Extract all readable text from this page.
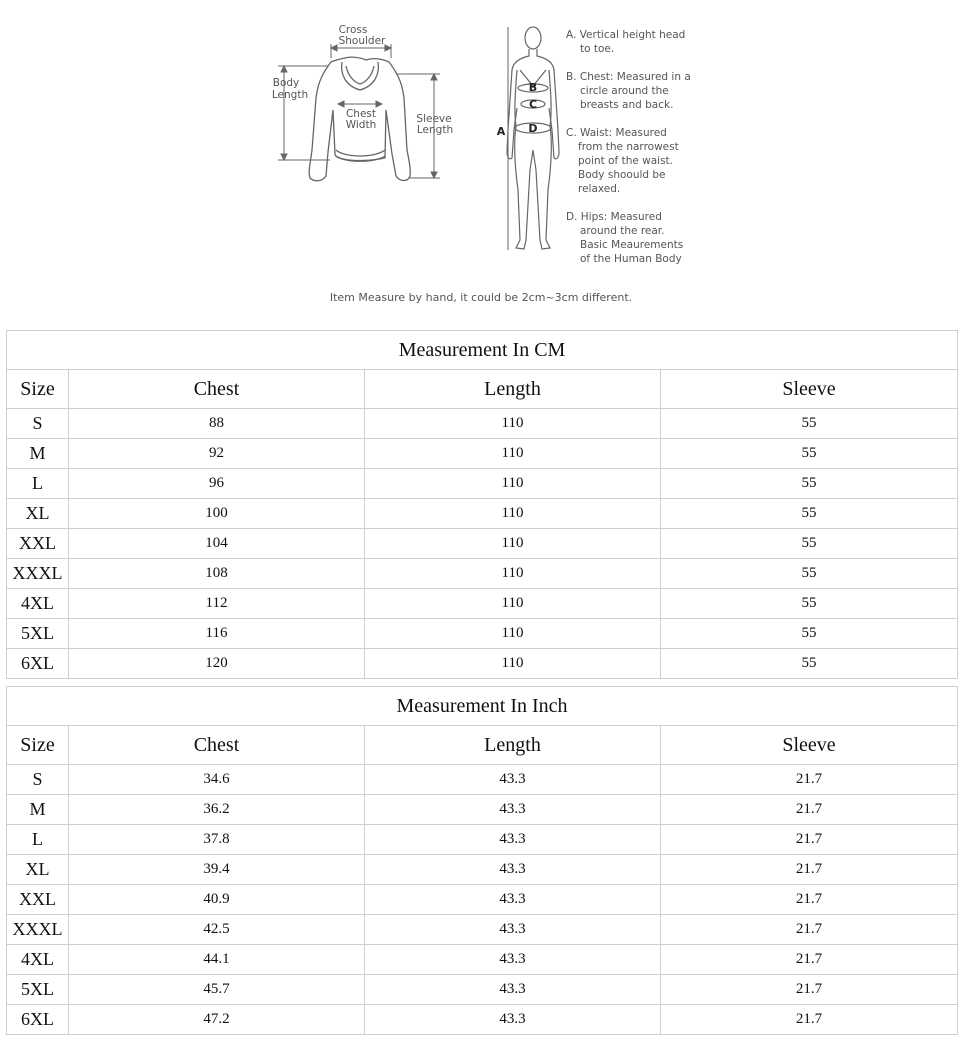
Cross
Shoulder
Body
Length
Chest
Width	Sleeve
Length	A
B
C
D
A. Vertical height head
to toe.
B. Chest: Measured in a
circle around the
breasts and back.
C. Waist: Measured
from the narrowest
point of the waist.
Body shoould be
relaxed.
D. Hips: Measured
around the rear.
Basic Meaurements
of the Human Body
Item Measure by hand, it could be 2cm~3cm different.
Measurement In CM			
Size	Chest	Length	Sleeve
S	88	110	55
M	92	110	55
L	96	110	55
XL	100	110	55
XXL	104	110	55
XXXL	108	110	55
4XL	112	110	55
5XL	116	110	55
6XL	120	110	55
Measurement In Inch			
Size	Chest	Length	Sleeve
S	34.6	43.3	21.7
M	36.2	43.3	21.7
L	37.8	43.3	21.7
XL	39.4	43.3	21.7
XXL	40.9	43.3	21.7
XXXL	42.5	43.3	21.7
4XL	44.1	43.3	21.7
5XL	45.7	43.3	21.7
6XL	47.2	43.3	21.7
